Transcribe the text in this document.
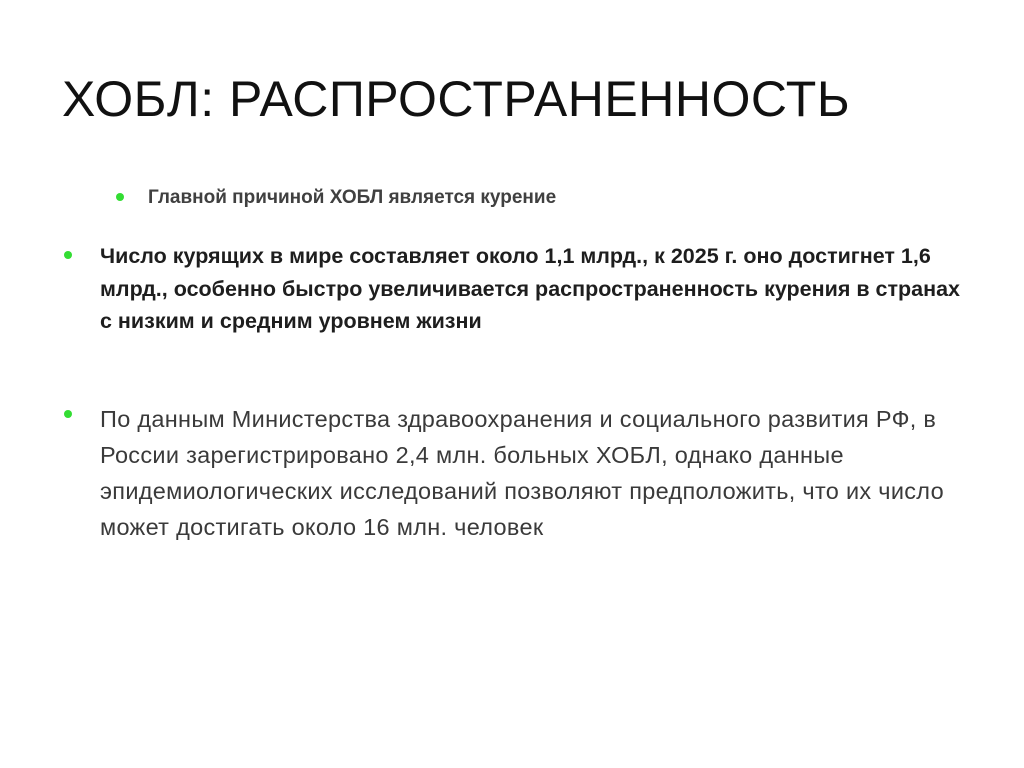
ХОБЛ: РАСПРОСТРАНЕННОСТЬ

Главной причиной ХОБЛ является курение

Число курящих в мире составляет около 1,1 млрд., к 2025 г. оно достигнет 1,6 млрд., особенно быстро увеличивается распространенность курения в странах с низким и средним уровнем жизни

По данным Министерства здравоохранения и социального развития РФ, в России зарегистрировано 2,4 млн. больных ХОБЛ, однако данные эпидемиологических исследований позволяют предположить, что их число может достигать около 16 млн. человек
